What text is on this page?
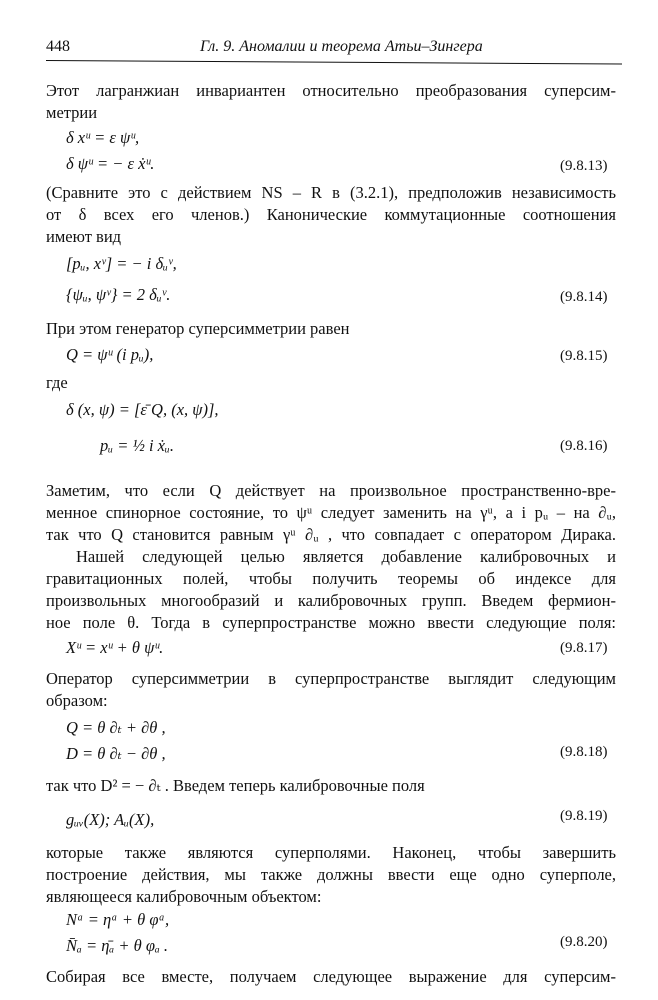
448	Гл. 9. Аномалии и теорема Атьи–Зингера
Этот лагранжиан инвариантен относительно преобразования суперсим-
метрии
δ xᵘ = ε ψᵘ,
δ ψᵘ = − ε ẋᵘ.	(9.8.13)
(Сравните это с действием NS – R в (3.2.1), предположив независимость
от δ всех его членов.) Канонические коммутационные соотношения
имеют вид
[pᵤ, xᵛ] = − i δᵤᵛ,
{ψᵤ, ψᵛ} = 2 δᵤᵛ.	(9.8.14)
При этом генератор суперсимметрии равен
Q = ψᵘ (i pᵤ),	(9.8.15)
где
δ (x, ψ) = [ε̄ Q, (x, ψ)],
pᵤ = ½ i ẋᵤ.	(9.8.16)
Заметим, что если Q действует на произвольное пространственно-вре-
менное спинорное состояние, то ψᵘ следует заменить на γᵘ, а i pᵤ – на ∂ᵤ,
так что Q становится равным γᵘ ∂ᵤ , что совпадает с оператором Дирака.
Нашей следующей целью является добавление калибровочных и
гравитационных полей, чтобы получить теоремы об индексе для
произвольных многообразий и калибровочных групп. Введем фермион-
ное поле θ. Тогда в суперпространстве можно ввести следующие поля:
Xᵘ = xᵘ + θ ψᵘ.	(9.8.17)
Оператор суперсимметрии в суперпространстве выглядит следующим
образом:
Q = θ ∂ₜ + ∂θ ,
D = θ ∂ₜ − ∂θ ,	(9.8.18)
так что D² = − ∂ₜ . Введем теперь калибровочные поля
gᵤᵥ(X); Aᵤ(X),	(9.8.19)
которые также являются суперполями. Наконец, чтобы завершить
построение действия, мы также должны ввести еще одно суперполе,
являющееся калибровочным объектом:
Nᵃ = ηᵃ + θ φᵃ,
N̄ₐ = η̄ₐ + θ φₐ .	(9.8.20)
Собирая все вместе, получаем следующее выражение для суперсим-
